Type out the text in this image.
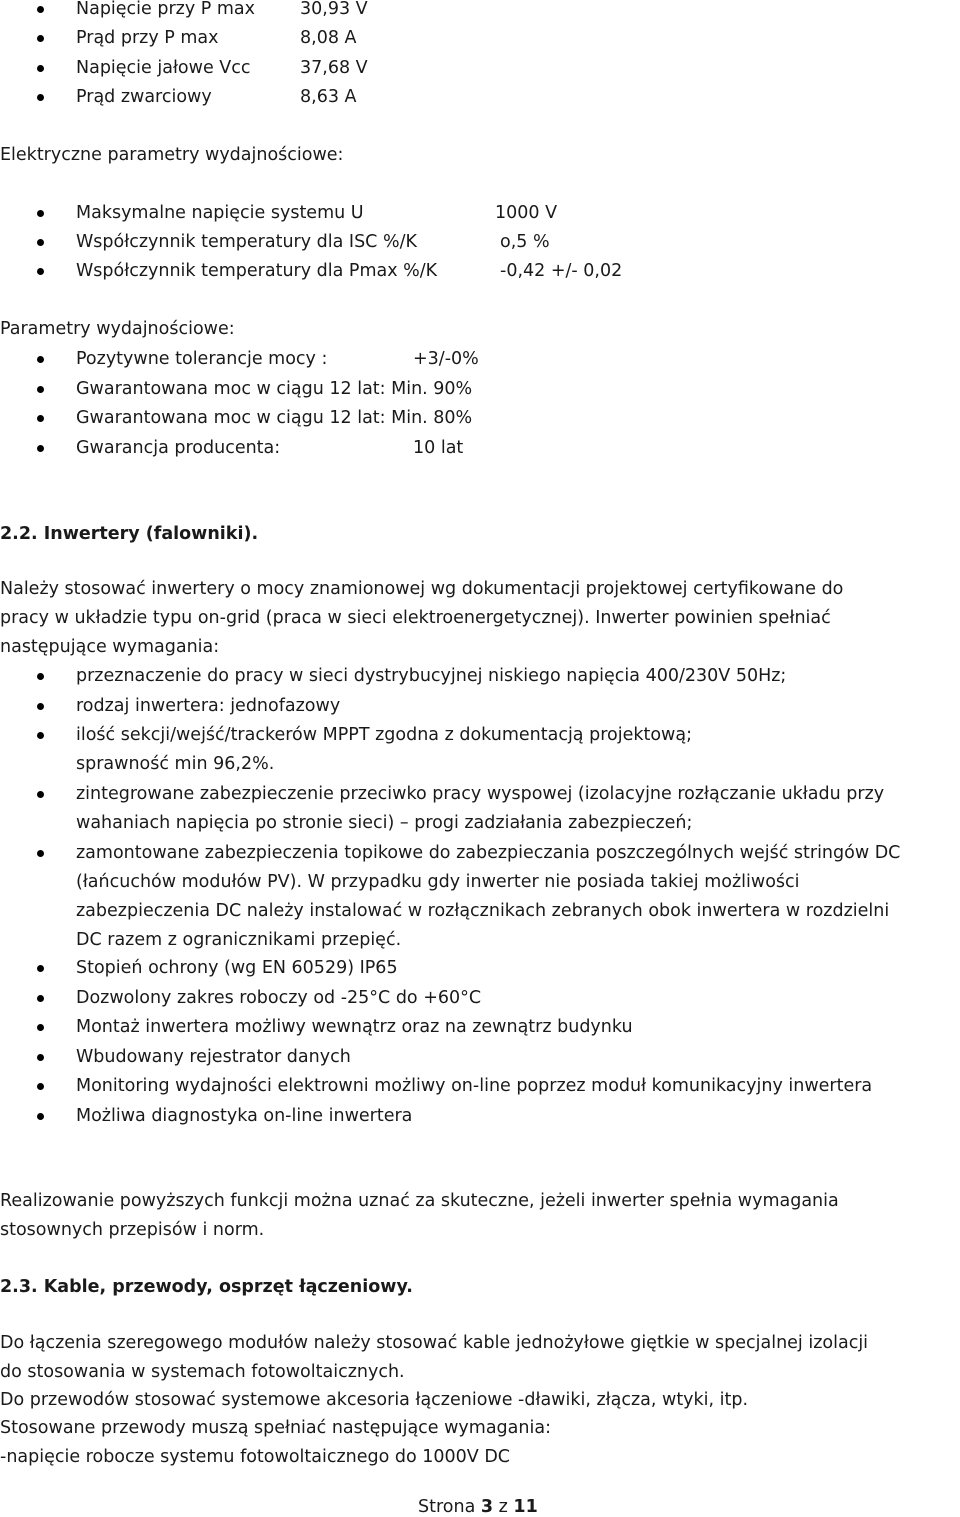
Napięcie przy P max	30,93 V
Prąd przy P max	8,08 A
Napięcie jałowe Vcc	37,68 V
Prąd zwarciowy	8,63 A
Elektryczne parametry wydajnościowe:
Maksymalne napięcie systemu U	1000 V
Współczynnik temperatury dla ISC %/K	o,5 %
Współczynnik temperatury dla Pmax %/K	-0,42 +/- 0,02
Parametry wydajnościowe:
Pozytywne tolerancje mocy :	+3/-0%
Gwarantowana moc w ciągu 12 lat: Min. 90%
Gwarantowana moc w ciągu 12 lat: Min. 80%
Gwarancja producenta:	10 lat
2.2. Inwertery (falowniki).
Należy stosować inwertery o mocy znamionowej wg dokumentacji projektowej certyfikowane do
pracy w układzie typu on-grid (praca w sieci elektroenergetycznej). Inwerter powinien spełniać
następujące wymagania:
przeznaczenie do pracy w sieci dystrybucyjnej niskiego napięcia 400/230V 50Hz;
rodzaj inwertera: jednofazowy
ilość sekcji/wejść/trackerów MPPT zgodna z dokumentacją projektową;
sprawność min 96,2%.
zintegrowane zabezpieczenie przeciwko pracy wyspowej (izolacyjne rozłączanie układu przy
wahaniach napięcia po stronie sieci) – progi zadziałania zabezpieczeń;
zamontowane zabezpieczenia topikowe do zabezpieczania poszczególnych wejść stringów DC
(łańcuchów modułów PV). W przypadku gdy inwerter nie posiada takiej możliwości
zabezpieczenia DC należy instalować w rozłącznikach zebranych obok inwertera w rozdzielni
DC razem z ogranicznikami przepięć.
Stopień ochrony (wg EN 60529) IP65
Dozwolony zakres roboczy od -25°C do +60°C
Montaż inwertera możliwy wewnątrz oraz na zewnątrz budynku
Wbudowany rejestrator danych
Monitoring wydajności elektrowni możliwy on-line poprzez moduł komunikacyjny inwertera
Możliwa diagnostyka on-line inwertera
Realizowanie powyższych funkcji można uznać za skuteczne, jeżeli inwerter spełnia wymagania
stosownych przepisów i norm.
2.3. Kable, przewody, osprzęt łączeniowy.
Do łączenia szeregowego modułów należy stosować kable jednożyłowe giętkie w specjalnej izolacji
do stosowania w systemach fotowoltaicznych.
Do przewodów stosować systemowe akcesoria łączeniowe -dławiki, złącza, wtyki, itp.
Stosowane przewody muszą spełniać następujące wymagania:
-napięcie robocze systemu fotowoltaicznego do 1000V DC
Strona 3 z 11
